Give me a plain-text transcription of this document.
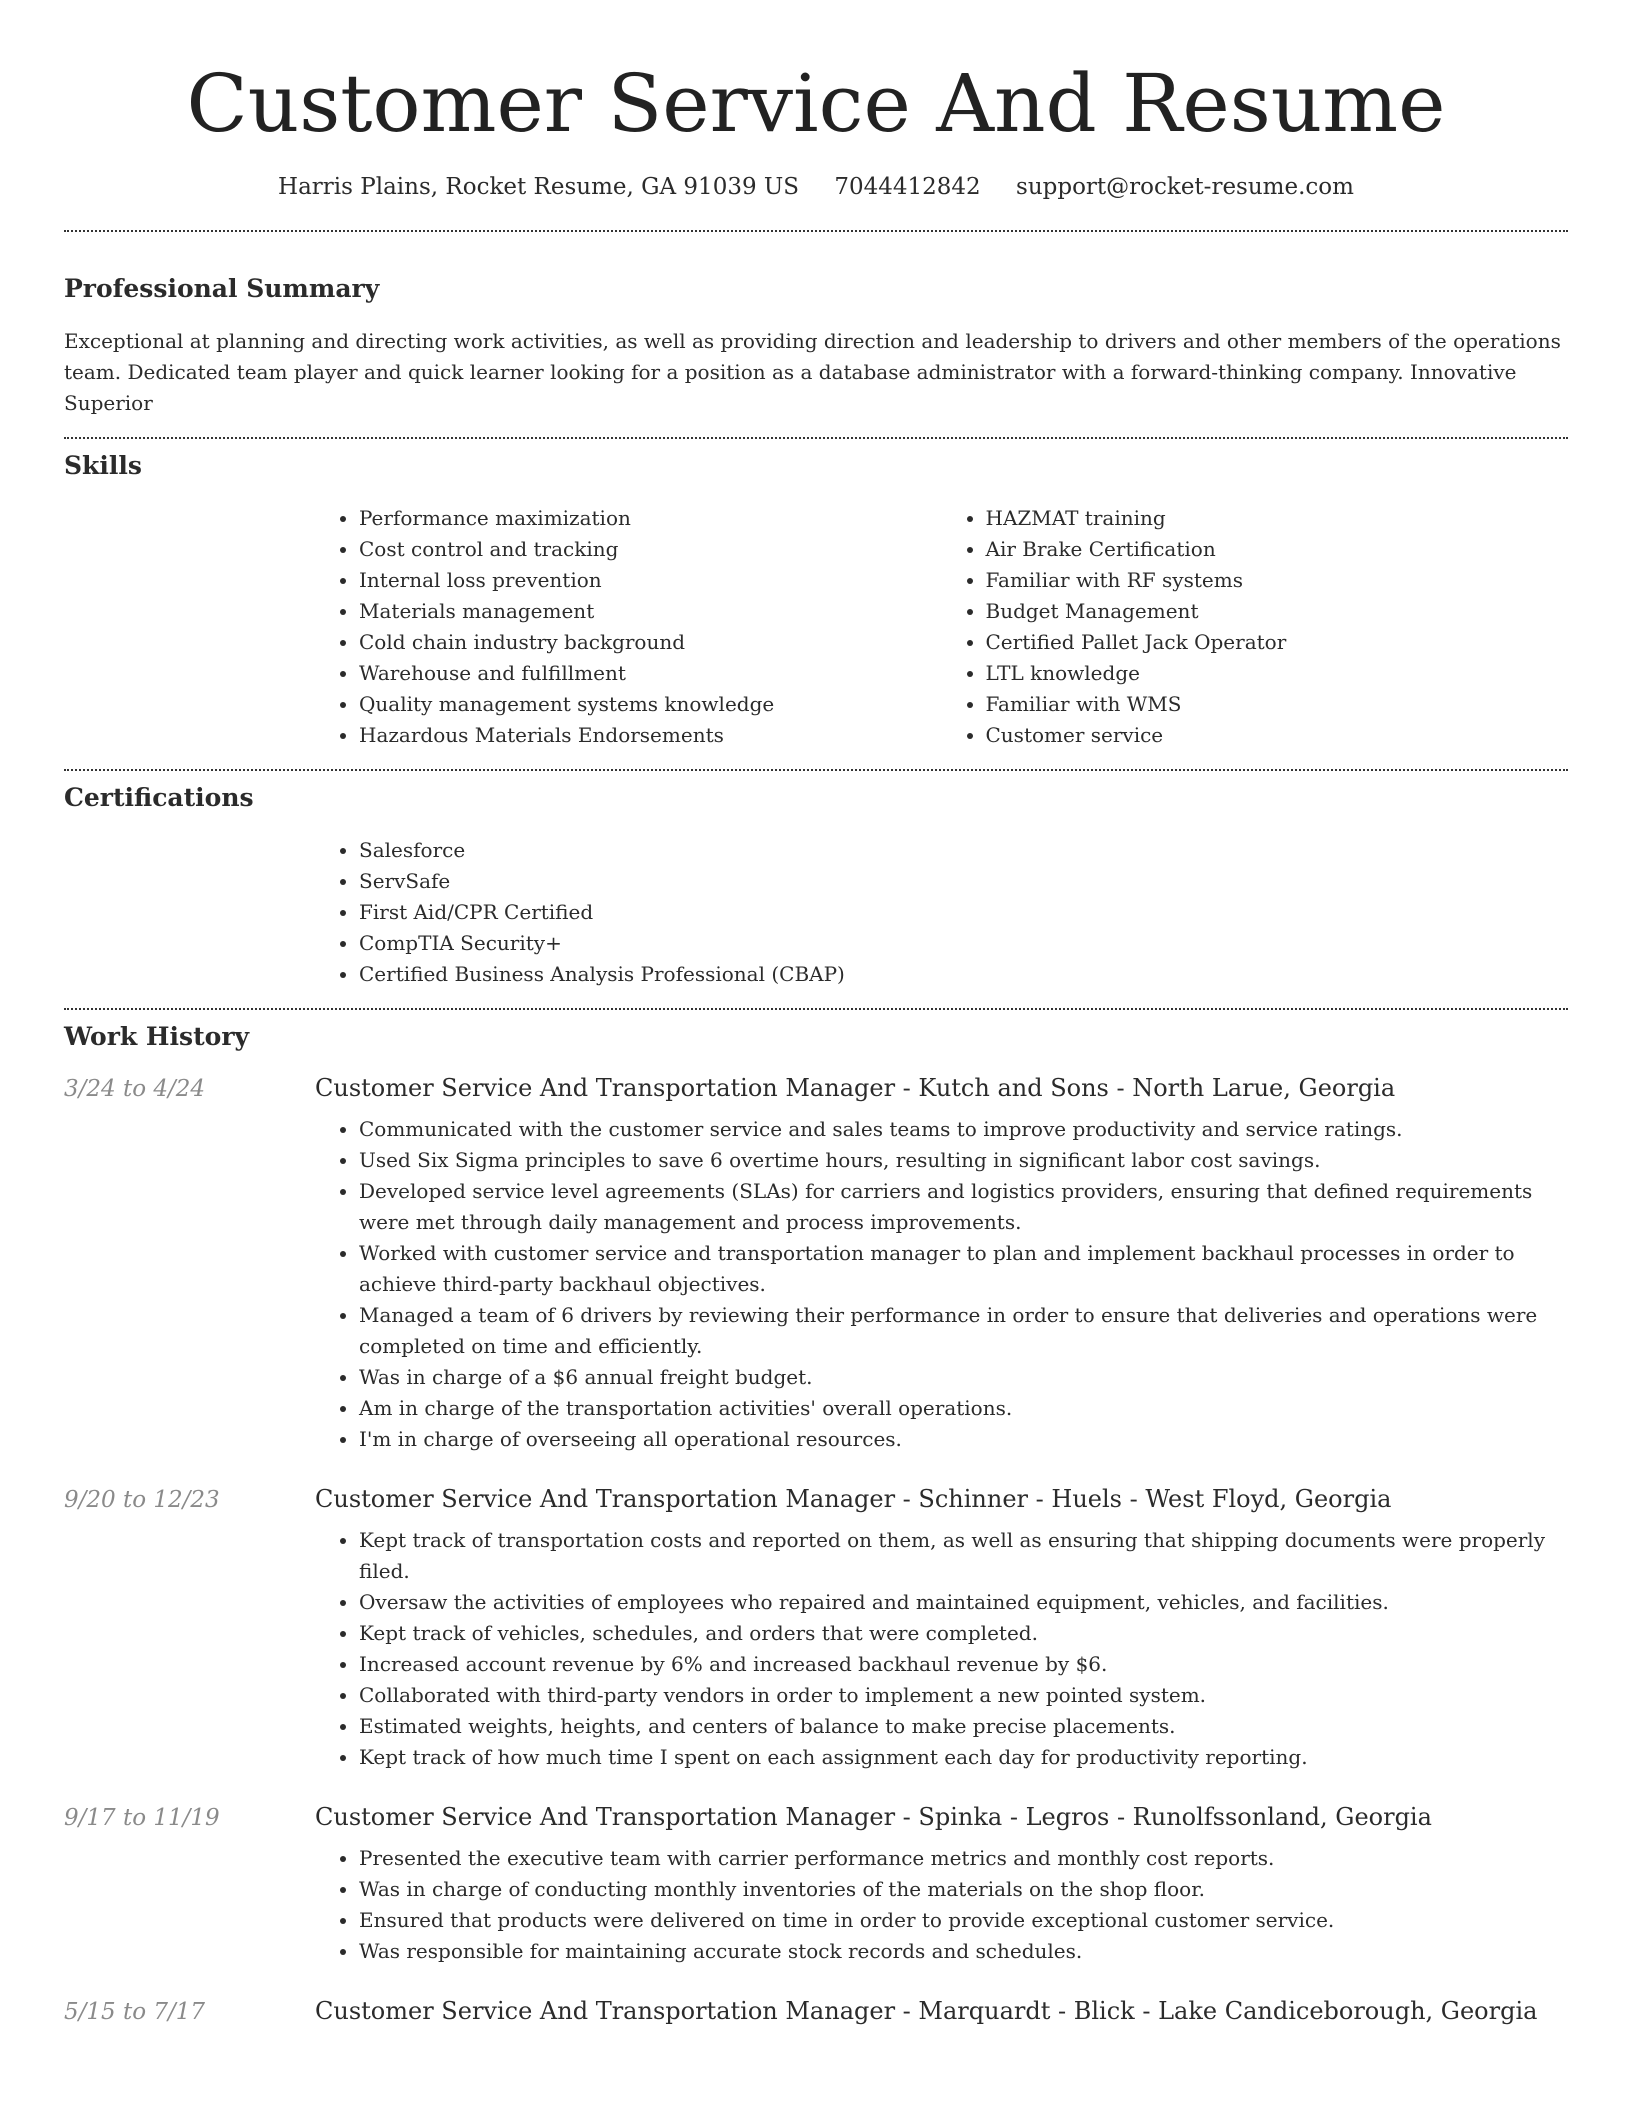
Customer Service And Resume
Harris Plains, Rocket Resume, GA 91039 US 7044412842 support@rocket-resume.com
Professional Summary

Exceptional at planning and directing work activities, as well as providing direction and leadership to drivers and other members of the operations team. Dedicated team player and quick learner looking for a position as a database administrator with a forward-thinking company. Innovative Superior

Skills
• Performance maximization
• Cost control and tracking
• Internal loss prevention
• Materials management
• Cold chain industry background
• Warehouse and fulfillment
• Quality management systems knowledge
• Hazardous Materials Endorsements
• HAZMAT training
• Air Brake Certification
• Familiar with RF systems
• Budget Management
• Certified Pallet Jack Operator
• LTL knowledge
• Familiar with WMS
• Customer service
Certifications
• Salesforce
• ServSafe
• First Aid/CPR Certified
• CompTIA Security+
• Certified Business Analysis Professional (CBAP)
Work History
3/24 to 4/24	Customer Service And Transportation Manager - Kutch and Sons - North Larue, Georgia
• Communicated with the customer service and sales teams to improve productivity and service ratings.
• Used Six Sigma principles to save 6 overtime hours, resulting in significant labor cost savings.
• Developed service level agreements (SLAs) for carriers and logistics providers, ensuring that defined requirements were met through daily management and process improvements.
• Worked with customer service and transportation manager to plan and implement backhaul processes in order to achieve third-party backhaul objectives.
• Managed a team of 6 drivers by reviewing their performance in order to ensure that deliveries and operations were completed on time and efficiently.
• Was in charge of a $6 annual freight budget.
• Am in charge of the transportation activities' overall operations.
• I'm in charge of overseeing all operational resources.
9/20 to 12/23	Customer Service And Transportation Manager - Schinner - Huels - West Floyd, Georgia
• Kept track of transportation costs and reported on them, as well as ensuring that shipping documents were properly filed.
• Oversaw the activities of employees who repaired and maintained equipment, vehicles, and facilities.
• Kept track of vehicles, schedules, and orders that were completed.
• Increased account revenue by 6% and increased backhaul revenue by $6.
• Collaborated with third-party vendors in order to implement a new pointed system.
• Estimated weights, heights, and centers of balance to make precise placements.
• Kept track of how much time I spent on each assignment each day for productivity reporting.
9/17 to 11/19	Customer Service And Transportation Manager - Spinka - Legros - Runolfssonland, Georgia
• Presented the executive team with carrier performance metrics and monthly cost reports.
• Was in charge of conducting monthly inventories of the materials on the shop floor.
• Ensured that products were delivered on time in order to provide exceptional customer service.
• Was responsible for maintaining accurate stock records and schedules.
5/15 to 7/17	Customer Service And Transportation Manager - Marquardt - Blick - Lake Candiceborough, Georgia
